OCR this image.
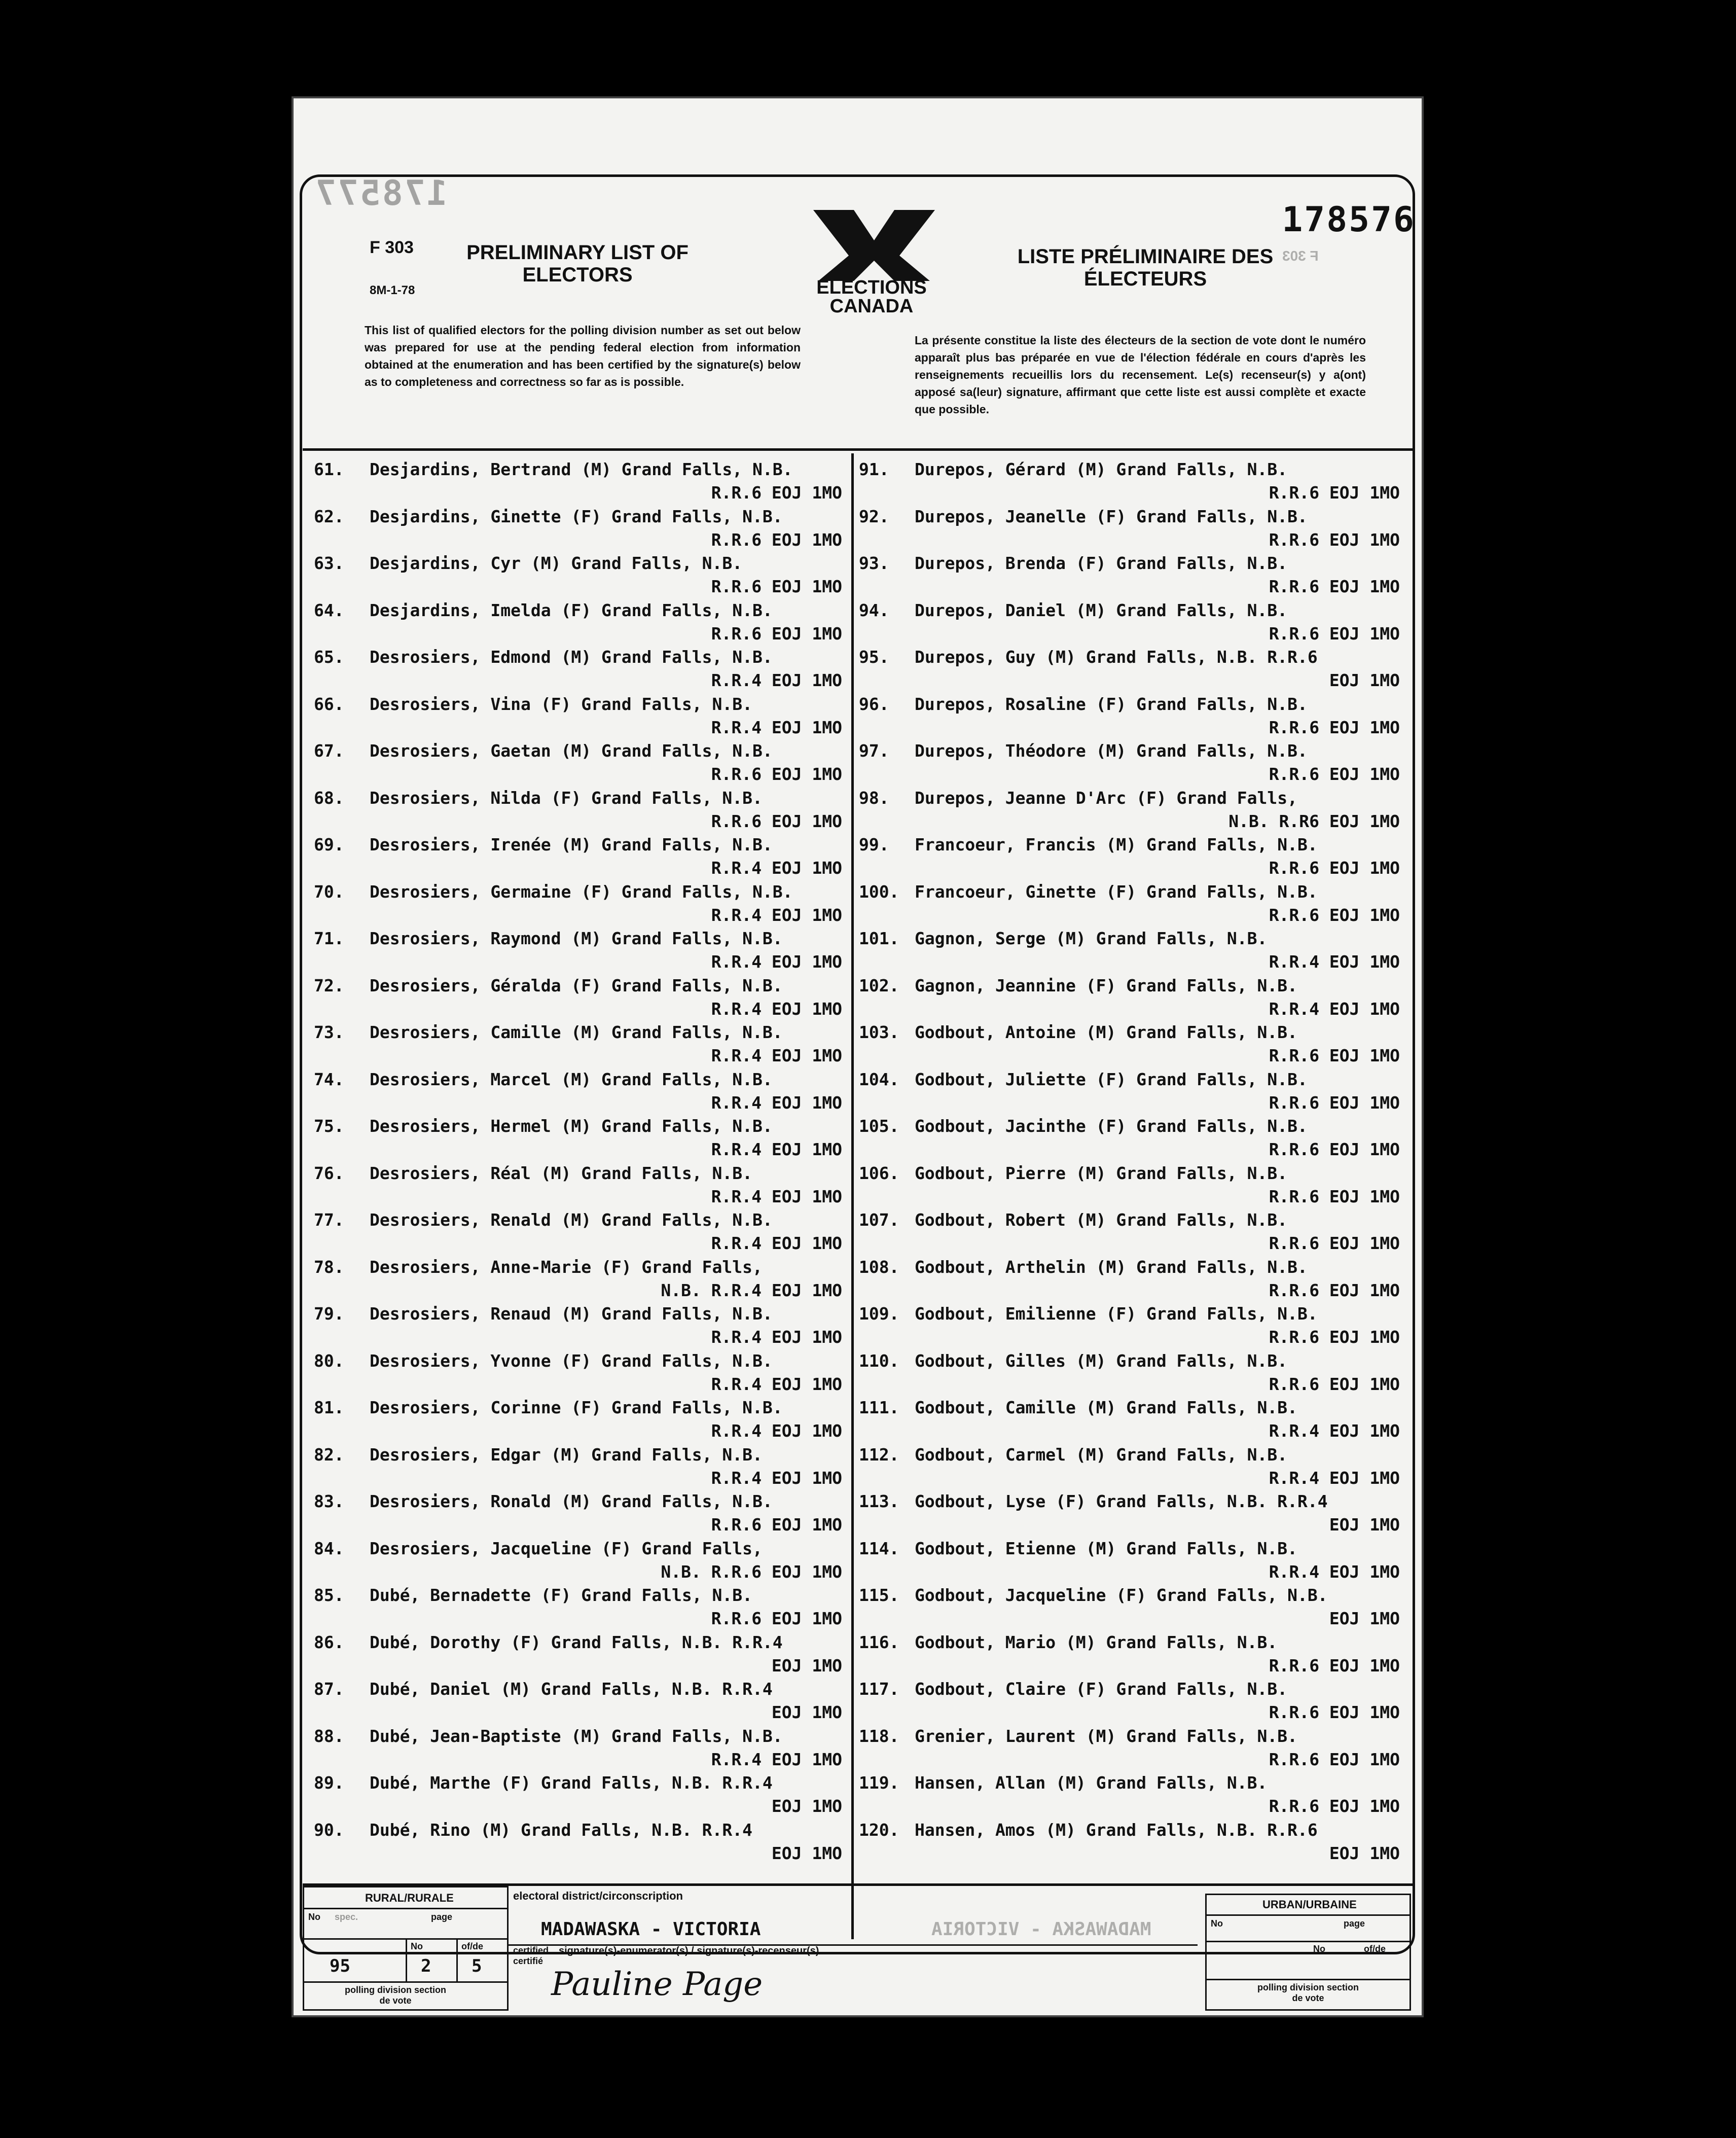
178577
178576
F 303
8M-1-78
F 303
PRELIMINARY LIST OF ELECTORS
LISTE PRÉLIMINAIRE DES ÉLECTEURS
ELECTIONS
CANADA
This list of qualified electors for the polling division number as set out below was prepared for use at the pending federal election from information obtained at the enumeration and has been certified by the signature(s) below as to completeness and correctness so far as is possible.
La présente constitue la liste des électeurs de la section de vote dont le numéro apparaît plus bas préparée en vue de l'élection fédérale en cours d'après les renseignements recueillis lors du recensement. Le(s) recenseur(s) y a(ont) apposé sa(leur) signature, affirmant que cette liste est aussi complète et exacte que possible.
61. Desjardins, Bertrand (M) Grand Falls, N.B.
R.R.6 EOJ 1MO
62. Desjardins, Ginette (F) Grand Falls, N.B.
R.R.6 EOJ 1MO
63. Desjardins, Cyr (M) Grand Falls, N.B.
R.R.6 EOJ 1MO
64. Desjardins, Imelda (F) Grand Falls, N.B.
R.R.6 EOJ 1MO
65. Desrosiers, Edmond (M) Grand Falls, N.B.
R.R.4 EOJ 1MO
66. Desrosiers, Vina (F) Grand Falls, N.B.
R.R.4 EOJ 1MO
67. Desrosiers, Gaetan (M) Grand Falls, N.B.
R.R.6 EOJ 1MO
68. Desrosiers, Nilda (F) Grand Falls, N.B.
R.R.6 EOJ 1MO
69. Desrosiers, Irenée (M) Grand Falls, N.B.
R.R.4 EOJ 1MO
70. Desrosiers, Germaine (F) Grand Falls, N.B.
R.R.4 EOJ 1MO
71. Desrosiers, Raymond (M) Grand Falls, N.B.
R.R.4 EOJ 1MO
72. Desrosiers, Géralda (F) Grand Falls, N.B.
R.R.4 EOJ 1MO
73. Desrosiers, Camille (M) Grand Falls, N.B.
R.R.4 EOJ 1MO
74. Desrosiers, Marcel (M) Grand Falls, N.B.
R.R.4 EOJ 1MO
75. Desrosiers, Hermel (M) Grand Falls, N.B.
R.R.4 EOJ 1MO
76. Desrosiers, Réal (M) Grand Falls, N.B.
R.R.4 EOJ 1MO
77. Desrosiers, Renald (M) Grand Falls, N.B.
R.R.4 EOJ 1MO
78. Desrosiers, Anne-Marie (F) Grand Falls,
N.B. R.R.4 EOJ 1MO
79. Desrosiers, Renaud (M) Grand Falls, N.B.
R.R.4 EOJ 1MO
80. Desrosiers, Yvonne (F) Grand Falls, N.B.
R.R.4 EOJ 1MO
81. Desrosiers, Corinne (F) Grand Falls, N.B.
R.R.4 EOJ 1MO
82. Desrosiers, Edgar (M) Grand Falls, N.B.
R.R.4 EOJ 1MO
83. Desrosiers, Ronald (M) Grand Falls, N.B.
R.R.6 EOJ 1MO
84. Desrosiers, Jacqueline (F) Grand Falls,
N.B. R.R.6 EOJ 1MO
85. Dubé, Bernadette (F) Grand Falls, N.B.
R.R.6 EOJ 1MO
86. Dubé, Dorothy (F) Grand Falls, N.B. R.R.4
EOJ 1MO
87. Dubé, Daniel (M) Grand Falls, N.B. R.R.4
EOJ 1MO
88. Dubé, Jean-Baptiste (M) Grand Falls, N.B.
R.R.4 EOJ 1MO
89. Dubé, Marthe (F) Grand Falls, N.B. R.R.4
EOJ 1MO
90. Dubé, Rino (M) Grand Falls, N.B. R.R.4
EOJ 1MO
91. Durepos, Gérard (M) Grand Falls, N.B.
R.R.6 EOJ 1MO
92. Durepos, Jeanelle (F) Grand Falls, N.B.
R.R.6 EOJ 1MO
93. Durepos, Brenda (F) Grand Falls, N.B.
R.R.6 EOJ 1MO
94. Durepos, Daniel (M) Grand Falls, N.B.
R.R.6 EOJ 1MO
95. Durepos, Guy (M) Grand Falls, N.B. R.R.6
EOJ 1MO
96. Durepos, Rosaline (F) Grand Falls, N.B.
R.R.6 EOJ 1MO
97. Durepos, Théodore (M) Grand Falls, N.B.
R.R.6 EOJ 1MO
98. Durepos, Jeanne D'Arc (F) Grand Falls,
N.B. R.R6 EOJ 1MO
99. Francoeur, Francis (M) Grand Falls, N.B.
R.R.6 EOJ 1MO
100. Francoeur, Ginette (F) Grand Falls, N.B.
R.R.6 EOJ 1MO
101. Gagnon, Serge (M) Grand Falls, N.B.
R.R.4 EOJ 1MO
102. Gagnon, Jeannine (F) Grand Falls, N.B.
R.R.4 EOJ 1MO
103. Godbout, Antoine (M) Grand Falls, N.B.
R.R.6 EOJ 1MO
104. Godbout, Juliette (F) Grand Falls, N.B.
R.R.6 EOJ 1MO
105. Godbout, Jacinthe (F) Grand Falls, N.B.
R.R.6 EOJ 1MO
106. Godbout, Pierre (M) Grand Falls, N.B.
R.R.6 EOJ 1MO
107. Godbout, Robert (M) Grand Falls, N.B.
R.R.6 EOJ 1MO
108. Godbout, Arthelin (M) Grand Falls, N.B.
R.R.6 EOJ 1MO
109. Godbout, Emilienne (F) Grand Falls, N.B.
R.R.6 EOJ 1MO
110. Godbout, Gilles (M) Grand Falls, N.B.
R.R.6 EOJ 1MO
111. Godbout, Camille (M) Grand Falls, N.B.
R.R.4 EOJ 1MO
112. Godbout, Carmel (M) Grand Falls, N.B.
R.R.4 EOJ 1MO
113. Godbout, Lyse (F) Grand Falls, N.B. R.R.4
EOJ 1MO
114. Godbout, Etienne (M) Grand Falls, N.B.
R.R.4 EOJ 1MO
115. Godbout, Jacqueline (F) Grand Falls, N.B.
EOJ 1MO
116. Godbout, Mario (M) Grand Falls, N.B.
R.R.6 EOJ 1MO
117. Godbout, Claire (F) Grand Falls, N.B.
R.R.6 EOJ 1MO
118. Grenier, Laurent (M) Grand Falls, N.B.
R.R.6 EOJ 1MO
119. Hansen, Allan (M) Grand Falls, N.B.
R.R.6 EOJ 1MO
120. Hansen, Amos (M) Grand Falls, N.B. R.R.6
EOJ 1MO
RURAL/RURALE
No spec.	page
No	of/de
95	2 5
polling division section de vote
electoral district/circonscription
MADAWASKA - VICTORIA
certified certifié
signature(s)-enumerator(s) / signature(s)-recenseur(s)
Pauline Page
MADAWASKA - VICTORIA
URBAN/URBAINE
No	page
No	of/de
polling division section de vote
